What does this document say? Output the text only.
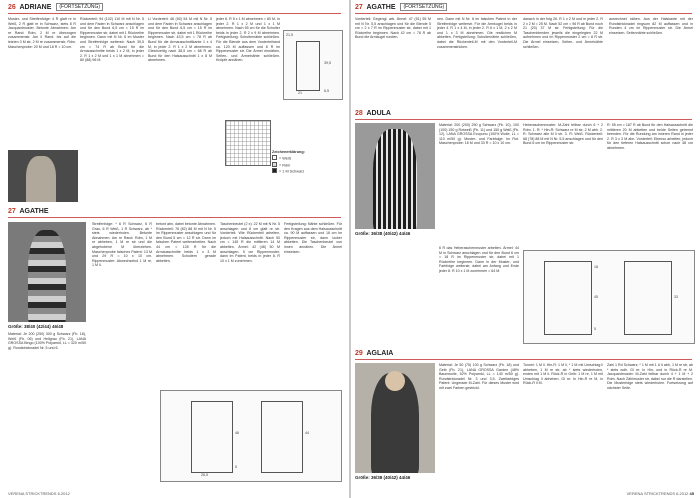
26 ADRIANE $^{(FORTSETZUNG)}$
Muster- und Streifenfolge: 4 R glatt re in Weiß, 2 R glatt re in Schwarz, stets 8 R Jacquardmuster. Betonte Abnahmen: Am re Rand: Rdm, 2 M re überzogen zusammenstr. Am li Rand: bis auf die letzten 3 M str, 2 M re zusammenstr, Rdm. Maschenprobe: 20 M und 18 R = 10 cm.
Rückenteil: 94 (102) 110 M mit N Nr. 5 und dem Faden in Schwarz anschlagen und für den Bund 6,5 cm = 15 R im Rippenmuster str, dabei mit 1 Rückreihe beginnen. Dann mit N Nr. 6 im Muster und Streifenfolge weiterstr. Nach 39,5 cm = 74 R ab Bund für die Armausschnitte beids 1 x 2 M, in jeder 2. R 1 x 2 M und 1 x 1 M abnehmen = 80 (88) 96 M.
Li Vorderteil: 46 (50) 54 M mit N Nr. 5 und dem Faden in Schwarz anschlagen und für den Bund 6,5 cm = 15 R im Rippenmuster str, dabei mit 1 Rückreihe beginnen. Nach 43,5 cm = 78 R ab Bund für die Armausschnittkante 1 x 4 M, in jeder 2. R 1 x 2 M abnehmen. Gleichzeitig nach 38,5 cm = 68 R ab Bund für den Halsausschnitt 1 x 8 M abnehmen.
jeder 6. R 5 x 1 M abnehmen = 80 M. In jeder 2. R 1 x 2 M und 1 x 1 M abnehmen. Nach 55 cm für die Schulter beids in jeder 2. R 2 x 9 M abnehmen. Fertigstellung: Schulternähte schließen. Für die Blende aus dem Vorderteilrand ca. 120 M auffassen und 8 R im Rippenmuster str. Die Ärmel einnähen, Seiten- und Ärmelnähte schließen. Knöpfe annähen.
21,5
39,5
6,5
21
Zeichenerklärung:
= Weiß
= Rdm
= 1 M Schwarz
27 AGATHE
Größe: 38/40 (42/44) 46/48
Material: Je 200 (250) 300 g Schwarz (Fb. 18), Weiß (Fb. 06) und Hellgrau (Fb. 21), LANA GROSSA Bingo (100% Polyamid, LL = 320 m/50 g). Rundstricknadel Nr. 5 und 6.
Streifenfolge: * 6 R Schwarz, 6 R Grau, 6 R Weiß, 1 R Schwarz, ab * stets wiederholen. Betonte Abnahmen: Am re Rand: Rdm, 1 M re abheben, 1 M re str und die abgehobene M überziehen. Maschenprobe falsches Patent: 13 M und 29 R = 10 x 10 cm. Rippenmuster: Abwechselnd 1 M re, 1 M li.
betont abn, dabei betonte Abnahmen. Rückenteil: 76 (82) 88 M mit N Nr. 5 im Rippenmuster anschlagen und für den Bund 5 cm = 12 R str. Dann im falschen Patent weiterarbeiten. Nach 44 cm = 128 R für die Armausschnitte beids 1 x 3 M abnehmen. Schultern gerade abketten.
Taschenbeutel (2 x): 22 M mit N Nr. 5 anschlagen und 8 cm glatt re str. Vorderteil: Wie Rückenteil arbeiten, jedoch mit Halsausschnitt. Nach 50 cm = 145 R die mittleren 14 M abketten. Ärmel: 42 (46) 50 M anschlagen, 5 cm Rippenmuster, dann im Patent, beids in jeder 8. R 10 x 1 M zunehmen.
Fertigstellung: Nähte schließen. Für den Kragen aus dem Halsausschnitt ca. 90 M auffassen und 16 cm im Rippenmuster str, dann locker abketten. Die Taschenbeutel von innen annähen. Die Ärmel einsetzen.
46	44
5
26,5
VERENA STRICKTRENDS 6.2012
27 AGATHE $^{(FORTSETZUNG)}$
Vorderteil: Gegengl. arb. Ärmel: 47 (51) 55 M mit N Nr. 5,5 anschlagen und für die Blende 5 cm = 2 x 7 R im Rippenmuster str, dabei mit 1 Rückreihe beginnen. Nach 42 cm = 78 R ab Bund die Armkugel runden.
nen. Dann mit N Nr. 6 im falschen Patent in der Streifenfolge weiterstr. Für die Armkugel beids in jeder 4. R 1 x 4 M, in jeder 2. R 6 x 1 M, 2 x 2 M und 1 x 3 M abnehmen. Die restlichen M abketten. Fertigstellung: Schulternähte schließen, dabei die Rückenteil-M mit den Vorderteil-M zusammenstricken.
danach in der folg 26. R 1 x 2 M und in jeder 2. R 2 x 2 M = 25 M. Nach 52 cm = 96 R ab Bund noch 21 (20) 37 M str. Fertigstellung: Für die Taschenblenden jeweils die eingelegten 22 M aufnehmen und im Rippenmuster 2 cm = 8 R str. Die Ärmel einsetzen, Seiten- und Ärmelnähte schließen.
ausrechnet nähen. Aus der Halskante mit der Rundstricknadel ringsum 82 M auffassen und in Runden 4 cm im Rippenmuster str. Die Ärmel einsetzen. Seitennähte schließen.
28 ADULA
Größe: 36/38 (40/42) 44/46
Material: 200 (200) 250 g Schwarz (Fb. 10), 100 (100) 150 g Rotweiß (Fb. 11) und 150 g Weiß (Fb. 12), LANA GROSSA Ecopuno (100% Wolle, LL = 110 m/50 g). Muster- und Farbfolge: Im Rot. Maschenprobe: 16 M und 33 R = 10 x 10 cm.
Heberaschenmuster: M-Zahl teilbar durch 6 + 2 Rdm. 1. R: * Hin-R: Schwarz re M str, 2 M abh. 2. R: Schwarz alle M li str. 3. R: Weiß. Rückenteil: 68 (78) 88 M mit N Nr. 5,5 anschlagen und für den Bund 6 cm im Rippenmuster str.
R: 55 cm = 187 R ab Bund für den Halsausschnitt die mittleren 20 M abketten und beide Seiten getrennt beenden. Für die Rundung am inneren Rand in jeder 2. R 3 x 3 M abn. Vorderteil: Ebenso arbeiten, jedoch für den tieferen Halsausschnitt schon nach 48 cm abnehmen.
18
45
5
33
6 R das Heberaschenmuster arbeiten. Ärmel: 44 M in Schwarz anschlagen und für den Bund 6 cm = 18 R im Rippenmuster str, dabei mit 1 Rückreihe beginnen. Dann in der Muster- und Farbfolge weiterstr, dabei am Anfang und Ende jeder 8. R 10 x 1 M zunehmen = 64 M.
29 AGLAIA
Größe: 36/38 (40/42) 44/46
Material: Je 50 (75) 100 g Schwarz (Fb. 18) und Gelb (Fb. 21), LANA GROSSA Garden (48% Baumwolle, 52% Polyamid, LL = 140 m/50 g). Rundstricknadel Nr. 3 und 3,5. Zweifarbiges Patent: Ungerade M-Zahl. Für dieses Muster wird mit zwei Farben gestrickt.
Tunnel: 1 M li. Hin-R: 1 M li, * 1 M mit Umschlag li abheben, 1 M re str, ab * stets wiederholen, enden mit 1 M li. Rück-R in Gelb: 1 M re, 1 M mit Umschlag li abheben. Gl re: In Hin-R re M, in Rück-R li M.
Zahl 1 Rd Schwarz; * 1 M mit 1 U li abh, 1 M re str, ab * stets wdh. Gl re: In Hin- und in Rück-R re M. Jacquardmuster: M-Zahl teilbar durch 4 + 1 M + 2 Rdm. Nach Zählmuster str, dabei nur die R darstellen. Die Musterfolge stets wiederholen. Fortsetzung auf nächster Seite.
VERENA STRICKTRENDS 6.2012 45
